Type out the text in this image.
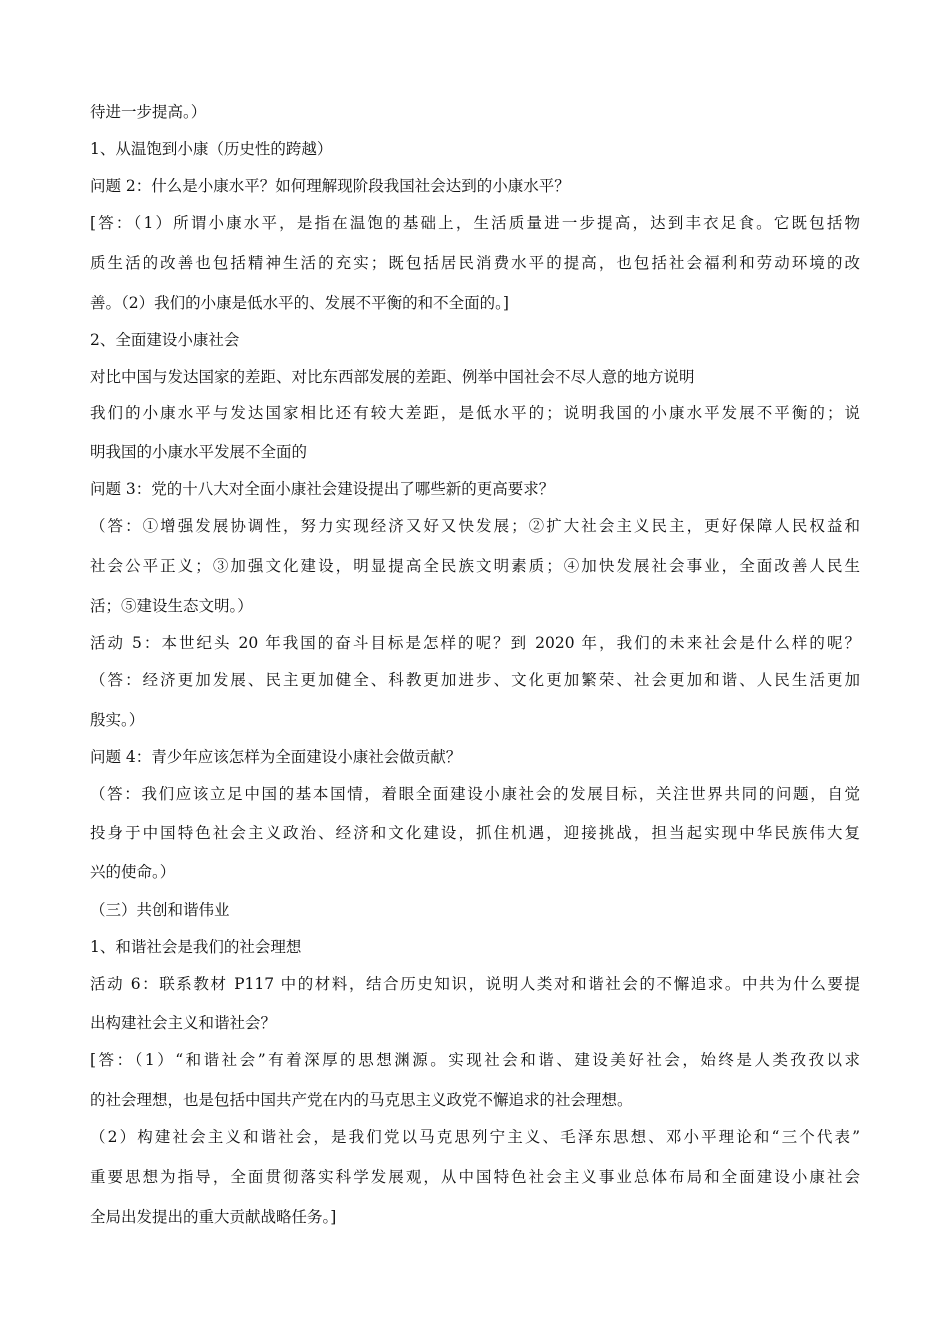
待进一步提高。）
1、从温饱到小康（历史性的跨越）
问题 2：什么是小康水平？如何理解现阶段我国社会达到的小康水平？
[答：（1）所谓小康水平，是指在温饱的基础上，生活质量进一步提高，达到丰衣足食。它既包括物
质生活的改善也包括精神生活的充实；既包括居民消费水平的提高，也包括社会福利和劳动环境的改
善。（2）我们的小康是低水平的、发展不平衡的和不全面的。]
2、全面建设小康社会
对比中国与发达国家的差距、对比东西部发展的差距、例举中国社会不尽人意的地方说明
我们的小康水平与发达国家相比还有较大差距，是低水平的；说明我国的小康水平发展不平衡的；说
明我国的小康水平发展不全面的
问题 3：党的十八大对全面小康社会建设提出了哪些新的更高要求？
（答：①增强发展协调性，努力实现经济又好又快发展；②扩大社会主义民主，更好保障人民权益和
社会公平正义；③加强文化建设，明显提高全民族文明素质；④加快发展社会事业，全面改善人民生
活；⑤建设生态文明。）
活动 5：本世纪头 20 年我国的奋斗目标是怎样的呢？到 2020 年，我们的未来社会是什么样的呢？
（答：经济更加发展、民主更加健全、科教更加进步、文化更加繁荣、社会更加和谐、人民生活更加
殷实。）
问题 4：青少年应该怎样为全面建设小康社会做贡献？
（答：我们应该立足中国的基本国情，着眼全面建设小康社会的发展目标，关注世界共同的问题，自觉
投身于中国特色社会主义政治、经济和文化建设，抓住机遇，迎接挑战，担当起实现中华民族伟大复
兴的使命。）
（三）共创和谐伟业
1、和谐社会是我们的社会理想
活动 6：联系教材 P117 中的材料，结合历史知识，说明人类对和谐社会的不懈追求。中共为什么要提
出构建社会主义和谐社会？
[答：（1）“和谐社会”有着深厚的思想渊源。实现社会和谐、建设美好社会，始终是人类孜孜以求
的社会理想，也是包括中国共产党在内的马克思主义政党不懈追求的社会理想。
（2）构建社会主义和谐社会，是我们党以马克思列宁主义、毛泽东思想、邓小平理论和“三个代表”
重要思想为指导，全面贯彻落实科学发展观，从中国特色社会主义事业总体布局和全面建设小康社会
全局出发提出的重大贡献战略任务。]
